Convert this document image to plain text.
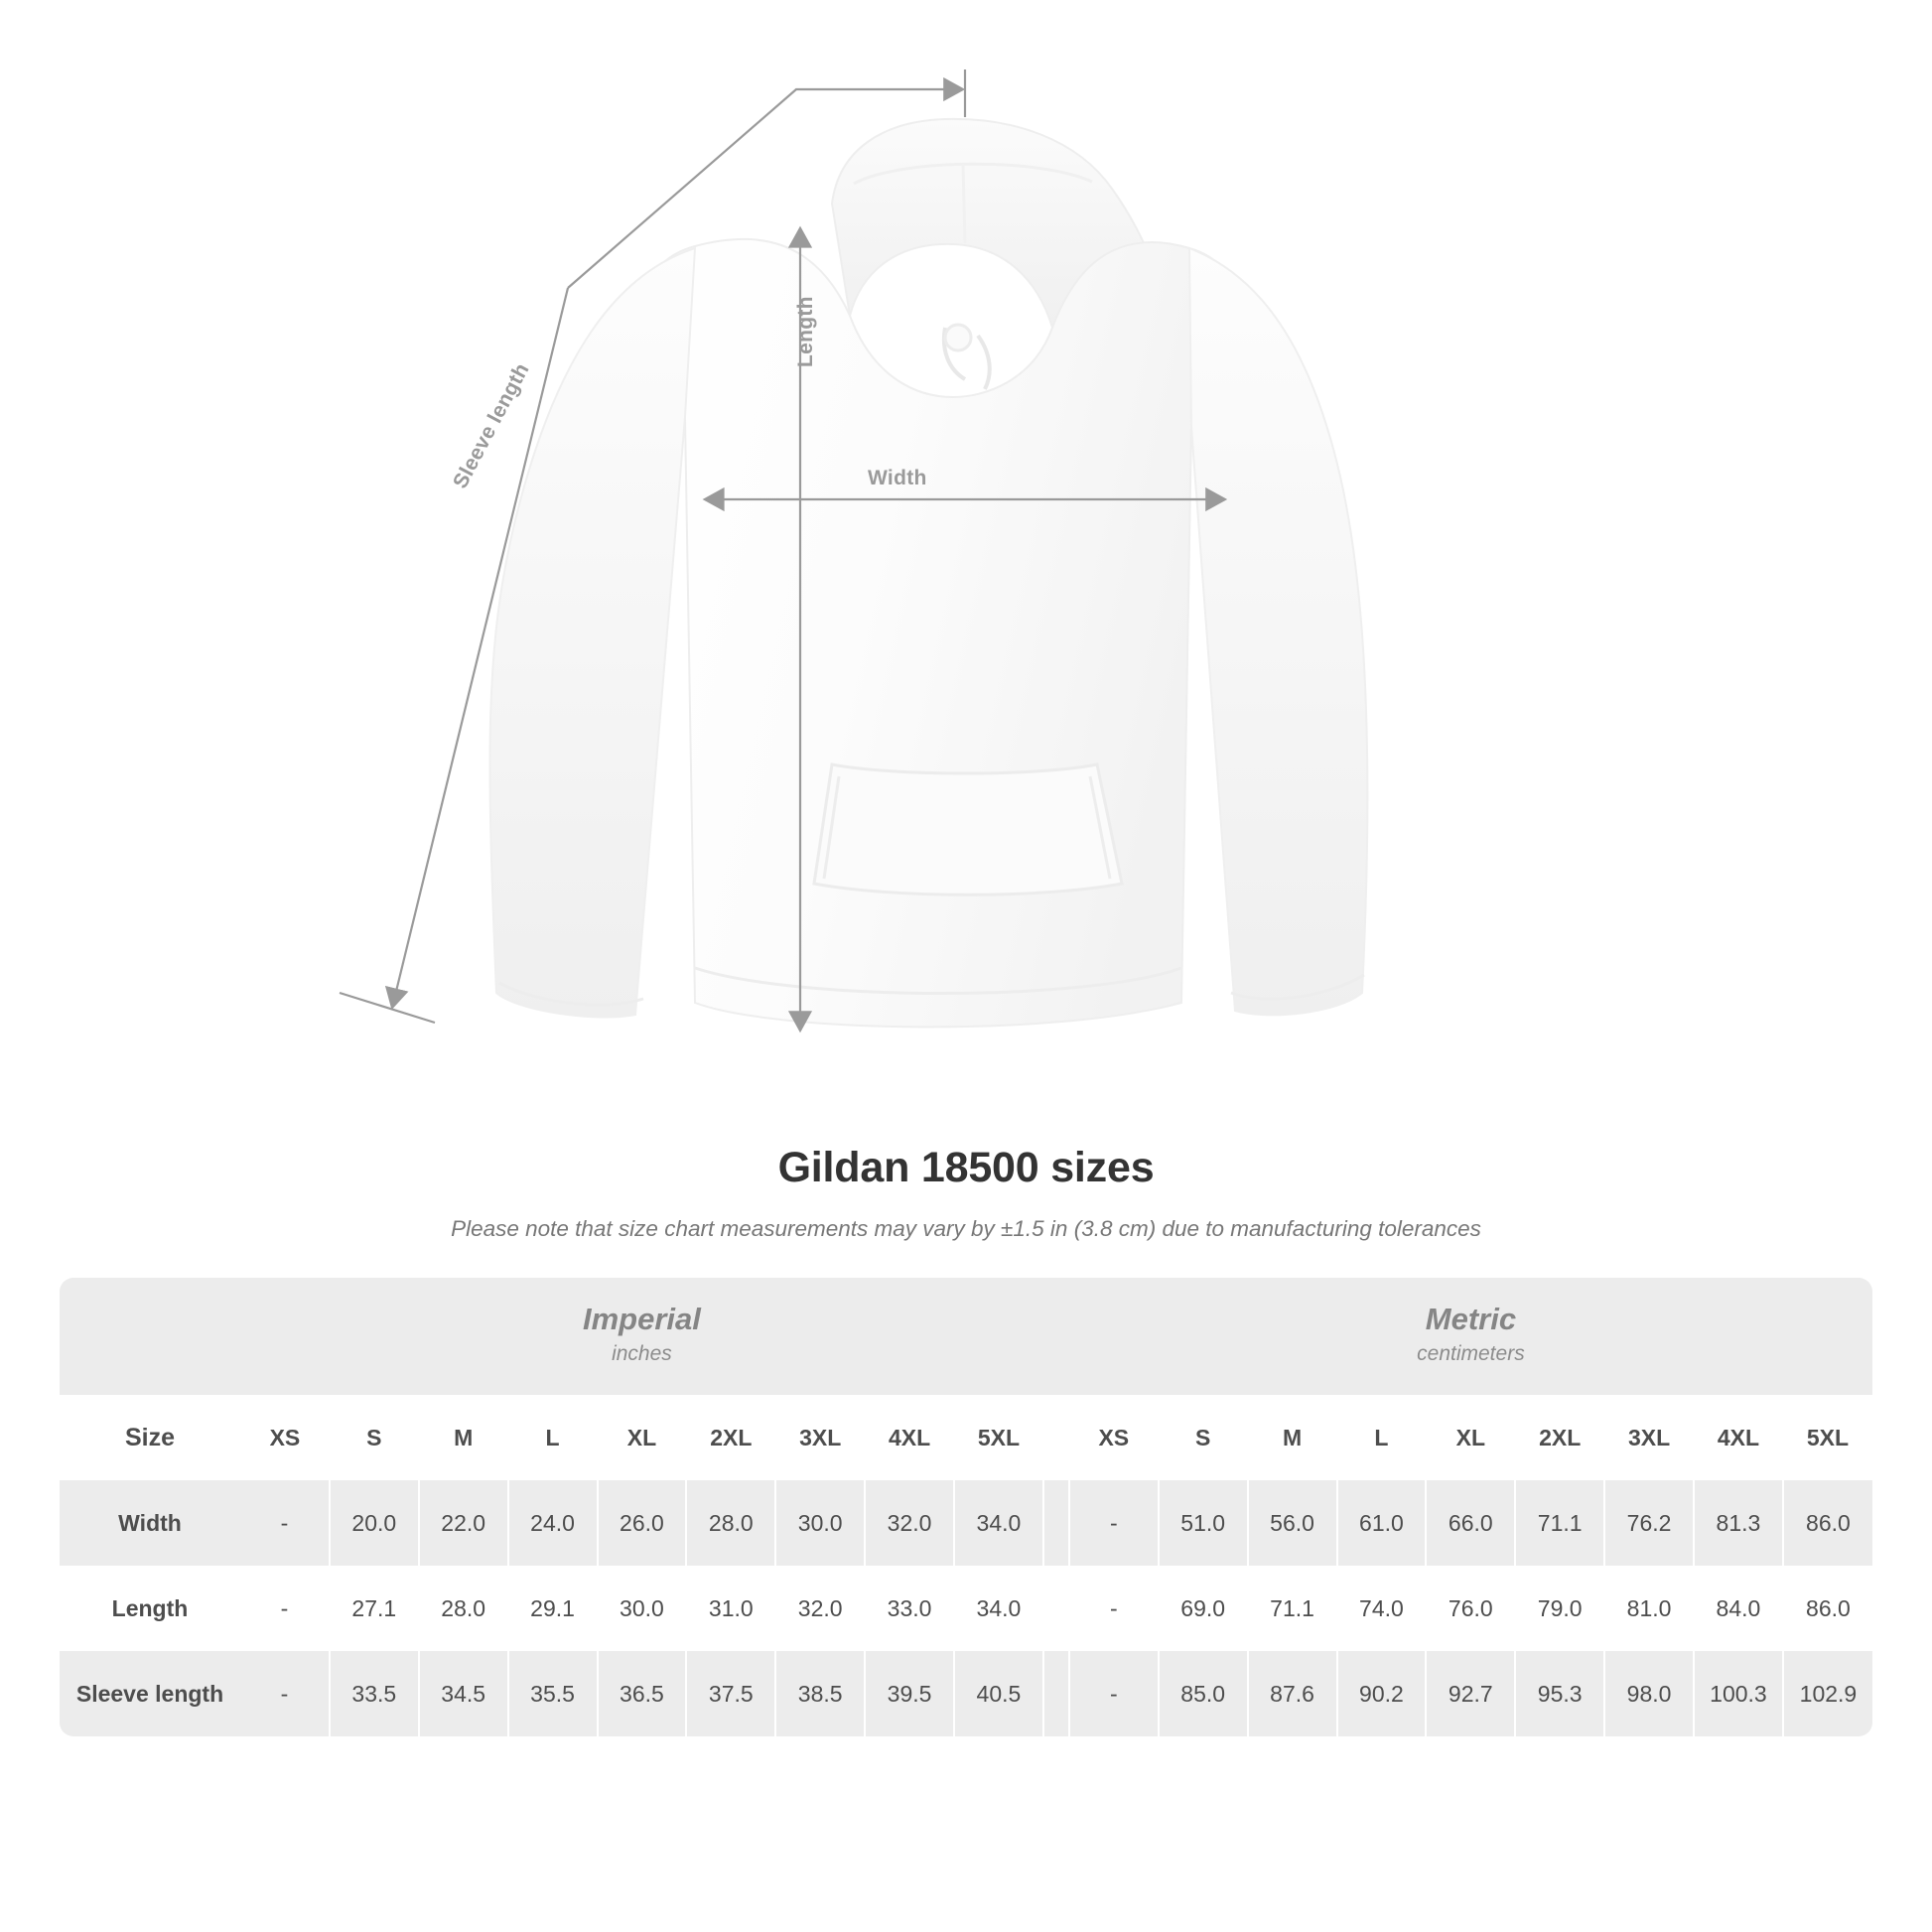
Width
Length
Sleeve length
Gildan 18500 sizes

Please note that size chart measurements may vary by ±1.5 in (3.8 cm) due to manufacturing tolerances

	Imperial
inches										Metric
centimeters								

Size	XS	S	M	L	XL	2XL	3XL	4XL	5XL		XS	S	M	L	XL	2XL	3XL	4XL	5XL
Width	-	20.0	22.0	24.0	26.0	28.0	30.0	32.0	34.0		-	51.0	56.0	61.0	66.0	71.1	76.2	81.3	86.0
Length	-	27.1	28.0	29.1	30.0	31.0	32.0	33.0	34.0		-	69.0	71.1	74.0	76.0	79.0	81.0	84.0	86.0
Sleeve length	-	33.5	34.5	35.5	36.5	37.5	38.5	39.5	40.5		-	85.0	87.6	90.2	92.7	95.3	98.0	100.3	102.9
